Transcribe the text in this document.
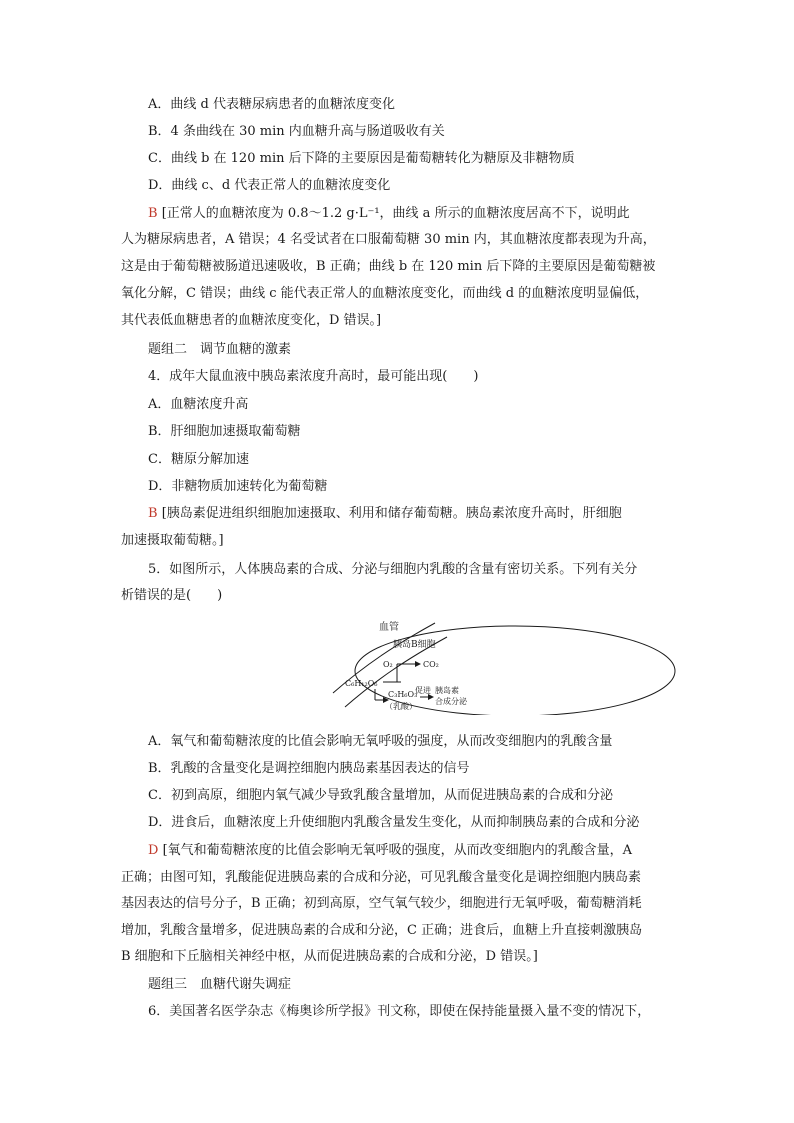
A．曲线 d 代表糖尿病患者的血糖浓度变化
B．4 条曲线在 30 min 内血糖升高与肠道吸收有关
C．曲线 b 在 120 min 后下降的主要原因是葡萄糖转化为糖原及非糖物质
D．曲线 c、d 代表正常人的血糖浓度变化
B [正常人的血糖浓度为 0.8～1.2 g·L⁻¹，曲线 a 所示的血糖浓度居高不下，说明此
人为糖尿病患者，A 错误；4 名受试者在口服葡萄糖 30 min 内，其血糖浓度都表现为升高，
这是由于葡萄糖被肠道迅速吸收，B 正确；曲线 b 在 120 min 后下降的主要原因是葡萄糖被
氧化分解，C 错误；曲线 c 能代表正常人的血糖浓度变化，而曲线 d 的血糖浓度明显偏低，
其代表低血糖患者的血糖浓度变化，D 错误。]
题组二　调节血糖的激素
4．成年大鼠血液中胰岛素浓度升高时，最可能出现(　　)
A．血糖浓度升高
B．肝细胞加速摄取葡萄糖
C．糖原分解加速
D．非糖物质加速转化为葡萄糖
B [胰岛素促进组织细胞加速摄取、利用和储存葡萄糖。胰岛素浓度升高时，肝细胞
加速摄取葡萄糖。]
5．如图所示，人体胰岛素的合成、分泌与细胞内乳酸的含量有密切关系。下列有关分
析错误的是(　　)
血管
胰岛B细胞
O₂	CO₂
C₆H₁₂O₆
C₃H₆O₃
（乳酸）
促进 胰岛素
合成分泌
A．氧气和葡萄糖浓度的比值会影响无氧呼吸的强度，从而改变细胞内的乳酸含量
B．乳酸的含量变化是调控细胞内胰岛素基因表达的信号
C．初到高原，细胞内氧气减少导致乳酸含量增加，从而促进胰岛素的合成和分泌
D．进食后，血糖浓度上升使细胞内乳酸含量发生变化，从而抑制胰岛素的合成和分泌
D [氧气和葡萄糖浓度的比值会影响无氧呼吸的强度，从而改变细胞内的乳酸含量，A
正确；由图可知，乳酸能促进胰岛素的合成和分泌，可见乳酸含量变化是调控细胞内胰岛素
基因表达的信号分子，B 正确；初到高原，空气氧气较少，细胞进行无氧呼吸，葡萄糖消耗
增加，乳酸含量增多，促进胰岛素的合成和分泌，C 正确；进食后，血糖上升直接刺激胰岛
B 细胞和下丘脑相关神经中枢，从而促进胰岛素的合成和分泌，D 错误。]
题组三　血糖代谢失调症
6．美国著名医学杂志《梅奥诊所学报》刊文称，即使在保持能量摄入量不变的情况下，
